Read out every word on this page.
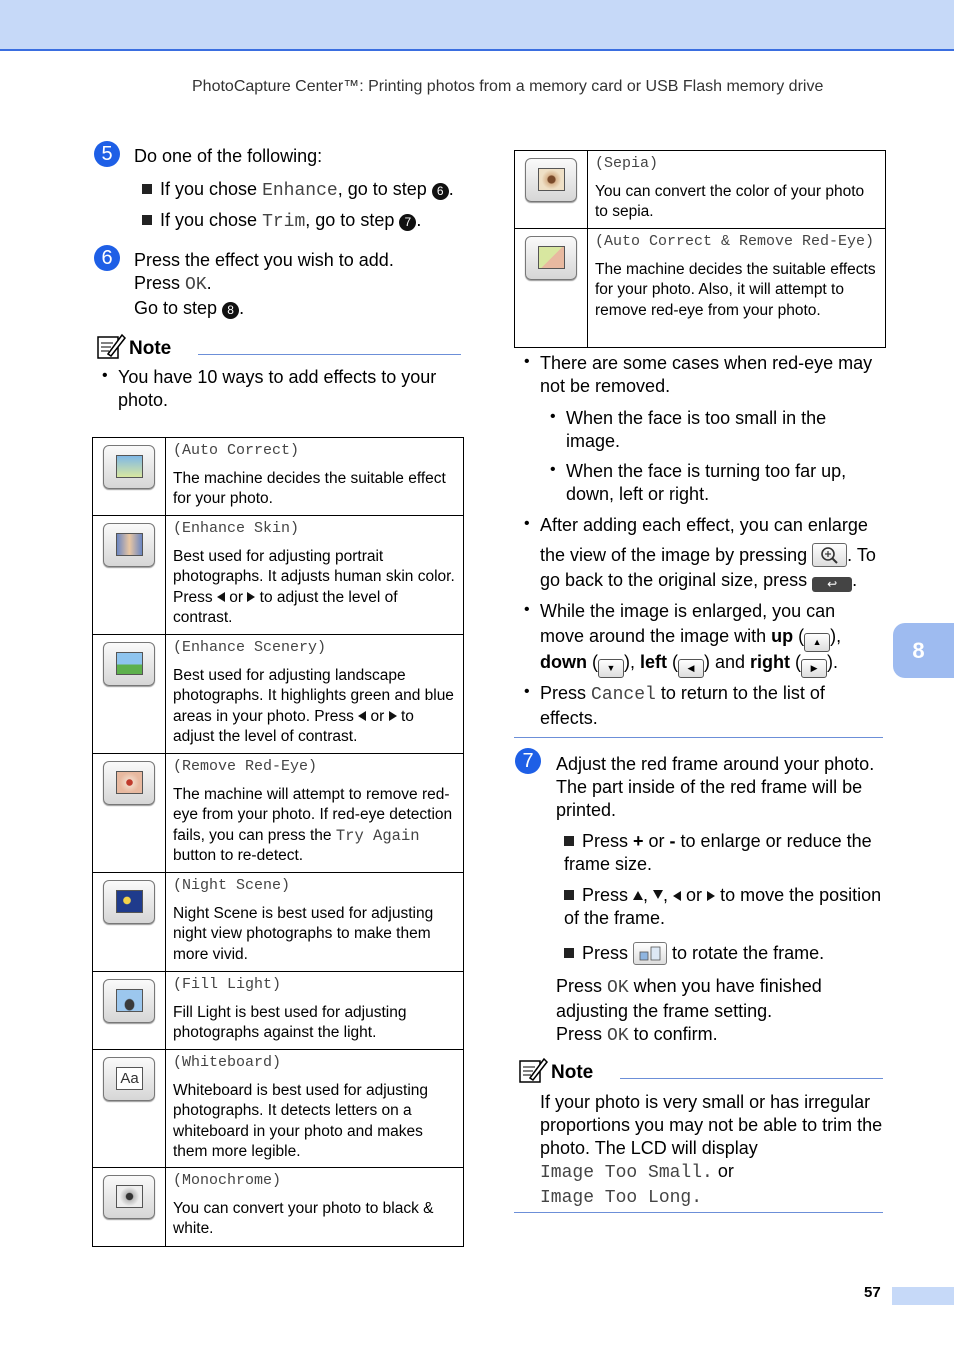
PhotoCapture Center™: Printing photos from a memory card or USB Flash memory drive
5	Do one of the following:
If you chose Enhance, go to step 6 .
If you chose Trim, go to step 7 .
6	Press the effect you wish to add.
Press OK.
Go to step 8 .
Note
• You have 10 ways to add effects to your photo.

	(Auto Correct)
The machine decides the suitable effect for your photo.

	(Enhance Skin)
Best used for adjusting portrait photographs. It adjusts human skin color. Press  or  to adjust the level of contrast.

	(Enhance Scenery)
Best used for adjusting landscape photographs. It highlights green and blue areas in your photo. Press  or  to adjust the level of contrast.

	(Remove Red-Eye)
The machine will attempt to remove red-eye from your photo. If red-eye detection fails, you can press the Try Again button to re-detect.

	(Night Scene)
Night Scene is best used for adjusting night view photographs to make them more vivid.

	(Fill Light)
Fill Light is best used for adjusting photographs against the light.

Aa	(Whiteboard)
Whiteboard is best used for adjusting photographs. It detects letters on a whiteboard in your photo and makes them more legible.

	(Monochrome)
You can convert your photo to black & white.

	(Sepia)
You can convert the color of your photo to sepia.

	(Auto Correct & Remove Red-Eye)
The machine decides the suitable effects for your photo. Also, it will attempt to remove red-eye from your photo.
• There are some cases when red-eye may not be removed.
• When the face is too small in the image.
• When the face is turning too far up, down, left or right.
• After adding each effect, you can enlarge
the view of the image by pressing . To
go back to the original size, press ↩ .
• While the image is enlarged, you can
move around the image with up ( ▲ ),
down ( ▼ ), left ( ◀ ) and right ( ▶ ).
• Press Cancel to return to the list of effects.
7	Adjust the red frame around your photo. The part inside of the red frame will be printed.
Press + or - to enlarge or reduce the frame size.
Press , ,  or  to move the position of the frame.
Press  to rotate the frame.
Press OK when you have finished adjusting the frame setting.
Press OK to confirm.
Note
If your photo is very small or has irregular proportions you may not be able to trim the photo. The LCD will display
Image Too Small. or
Image Too Long.
8
57
